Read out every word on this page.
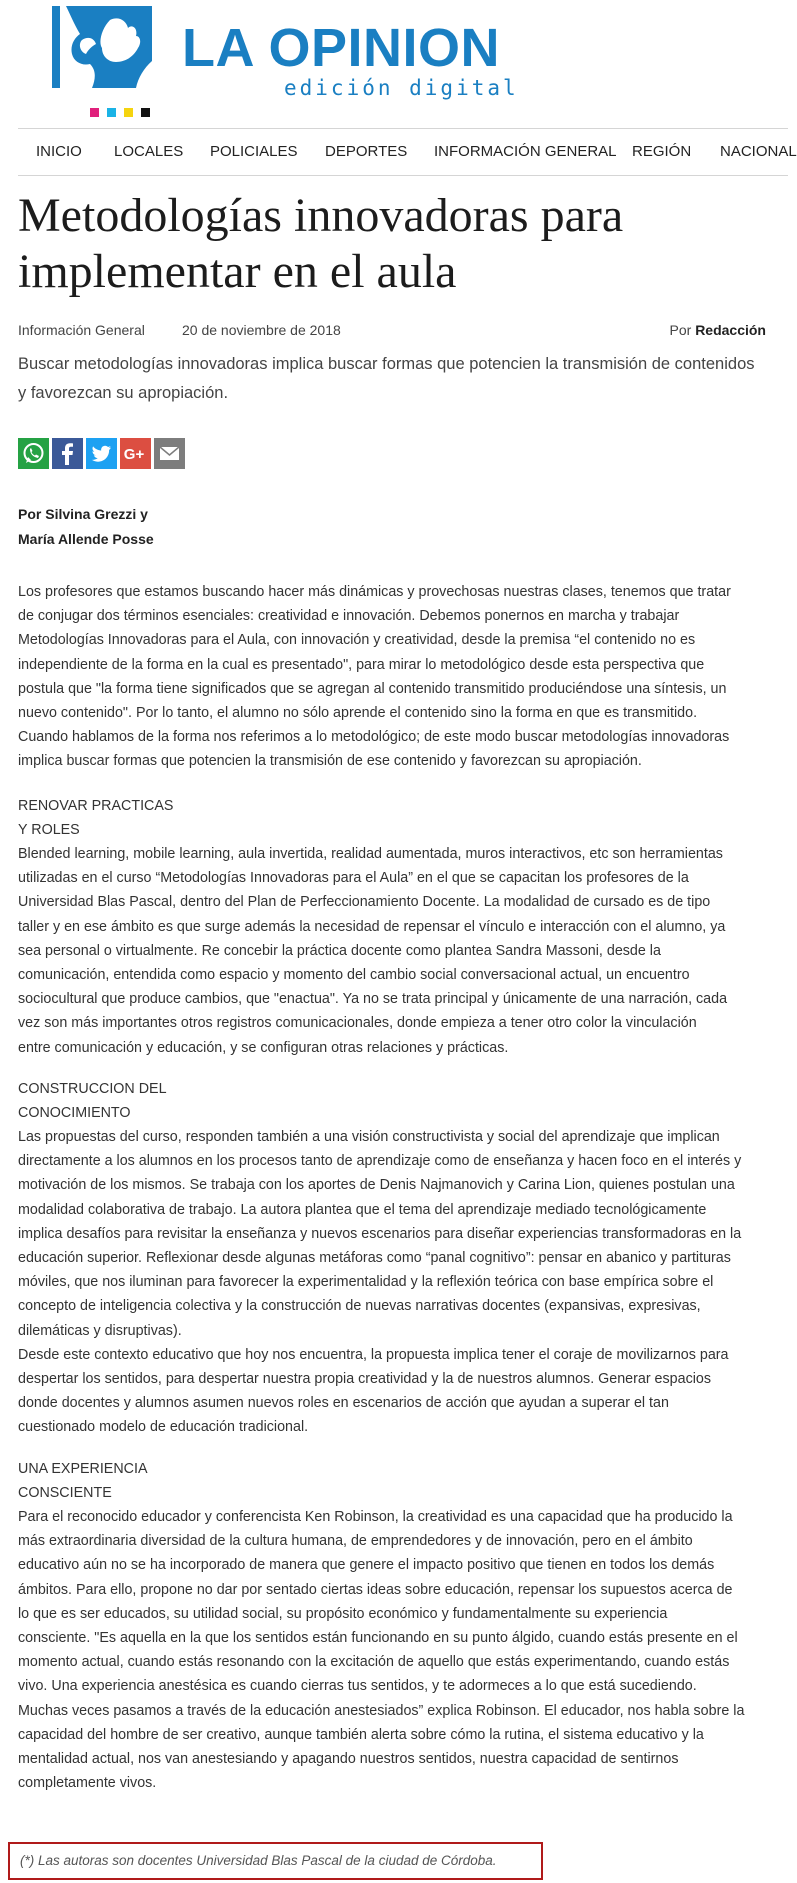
LA OPINION
edición digital
INICIO LOCALES POLICIALES DEPORTES INFORMACIÓN GENERAL REGIÓN NACIONAL
Metodologías innovadoras para implementar en el aula
Información General	20 de noviembre de 2018	Por Redacción
Buscar metodologías innovadoras implica buscar formas que potencien la transmisión de contenidos y favorezcan su apropiación.
G+
Por Silvina Grezzi y
María Allende Posse
Los profesores que estamos buscando hacer más dinámicas y provechosas nuestras clases, tenemos que tratar
de conjugar dos términos esenciales: creatividad e innovación. Debemos ponernos en marcha y trabajar
Metodologías Innovadoras para el Aula, con innovación y creatividad, desde la premisa “el contenido no es
independiente de la forma en la cual es presentado", para mirar lo metodológico desde esta perspectiva que
postula que "la forma tiene significados que se agregan al contenido transmitido produciéndose una síntesis, un
nuevo contenido". Por lo tanto, el alumno no sólo aprende el contenido sino la forma en que es transmitido.
Cuando hablamos de la forma nos referimos a lo metodológico; de este modo buscar metodologías innovadoras
implica buscar formas que potencien la transmisión de ese contenido y favorezcan su apropiación.
RENOVAR PRACTICAS
Y ROLES
Blended learning, mobile learning, aula invertida, realidad aumentada, muros interactivos, etc son herramientas
utilizadas en el curso “Metodologías Innovadoras para el Aula” en el que se capacitan los profesores de la
Universidad Blas Pascal, dentro del Plan de Perfeccionamiento Docente. La modalidad de cursado es de tipo
taller y en ese ámbito es que surge además la necesidad de repensar el vínculo e interacción con el alumno, ya
sea personal o virtualmente. Re concebir la práctica docente como plantea Sandra Massoni, desde la
comunicación, entendida como espacio y momento del cambio social conversacional actual, un encuentro
sociocultural que produce cambios, que "enactua". Ya no se trata principal y únicamente de una narración, cada
vez son más importantes otros registros comunicacionales, donde empieza a tener otro color la vinculación
entre comunicación y educación, y se configuran otras relaciones y prácticas.
CONSTRUCCION DEL
CONOCIMIENTO
Las propuestas del curso, responden también a una visión constructivista y social del aprendizaje que implican
directamente a los alumnos en los procesos tanto de aprendizaje como de enseñanza y hacen foco en el interés y
motivación de los mismos. Se trabaja con los aportes de Denis Najmanovich y Carina Lion, quienes postulan una
modalidad colaborativa de trabajo. La autora plantea que el tema del aprendizaje mediado tecnológicamente
implica desafíos para revisitar la enseñanza y nuevos escenarios para diseñar experiencias transformadoras en la
educación superior. Reflexionar desde algunas metáforas como “panal cognitivo”: pensar en abanico y partituras
móviles, que nos iluminan para favorecer la experimentalidad y la reflexión teórica con base empírica sobre el
concepto de inteligencia colectiva y la construcción de nuevas narrativas docentes (expansivas, expresivas,
dilemáticas y disruptivas).
Desde este contexto educativo que hoy nos encuentra, la propuesta implica tener el coraje de movilizarnos para
despertar los sentidos, para despertar nuestra propia creatividad y la de nuestros alumnos. Generar espacios
donde docentes y alumnos asumen nuevos roles en escenarios de acción que ayudan a superar el tan
cuestionado modelo de educación tradicional.
UNA EXPERIENCIA
CONSCIENTE
Para el reconocido educador y conferencista Ken Robinson, la creatividad es una capacidad que ha producido la
más extraordinaria diversidad de la cultura humana, de emprendedores y de innovación, pero en el ámbito
educativo aún no se ha incorporado de manera que genere el impacto positivo que tienen en todos los demás
ámbitos. Para ello, propone no dar por sentado ciertas ideas sobre educación, repensar los supuestos acerca de
lo que es ser educados, su utilidad social, su propósito económico y fundamentalmente su experiencia
consciente. "Es aquella en la que los sentidos están funcionando en su punto álgido, cuando estás presente en el
momento actual, cuando estás resonando con la excitación de aquello que estás experimentando, cuando estás
vivo. Una experiencia anestésica es cuando cierras tus sentidos, y te adormeces a lo que está sucediendo.
Muchas veces pasamos a través de la educación anestesiados” explica Robinson. El educador, nos habla sobre la
capacidad del hombre de ser creativo, aunque también alerta sobre cómo la rutina, el sistema educativo y la
mentalidad actual, nos van anestesiando y apagando nuestros sentidos, nuestra capacidad de sentirnos
completamente vivos.
(*) Las autoras son docentes Universidad Blas Pascal de la ciudad de Córdoba.
